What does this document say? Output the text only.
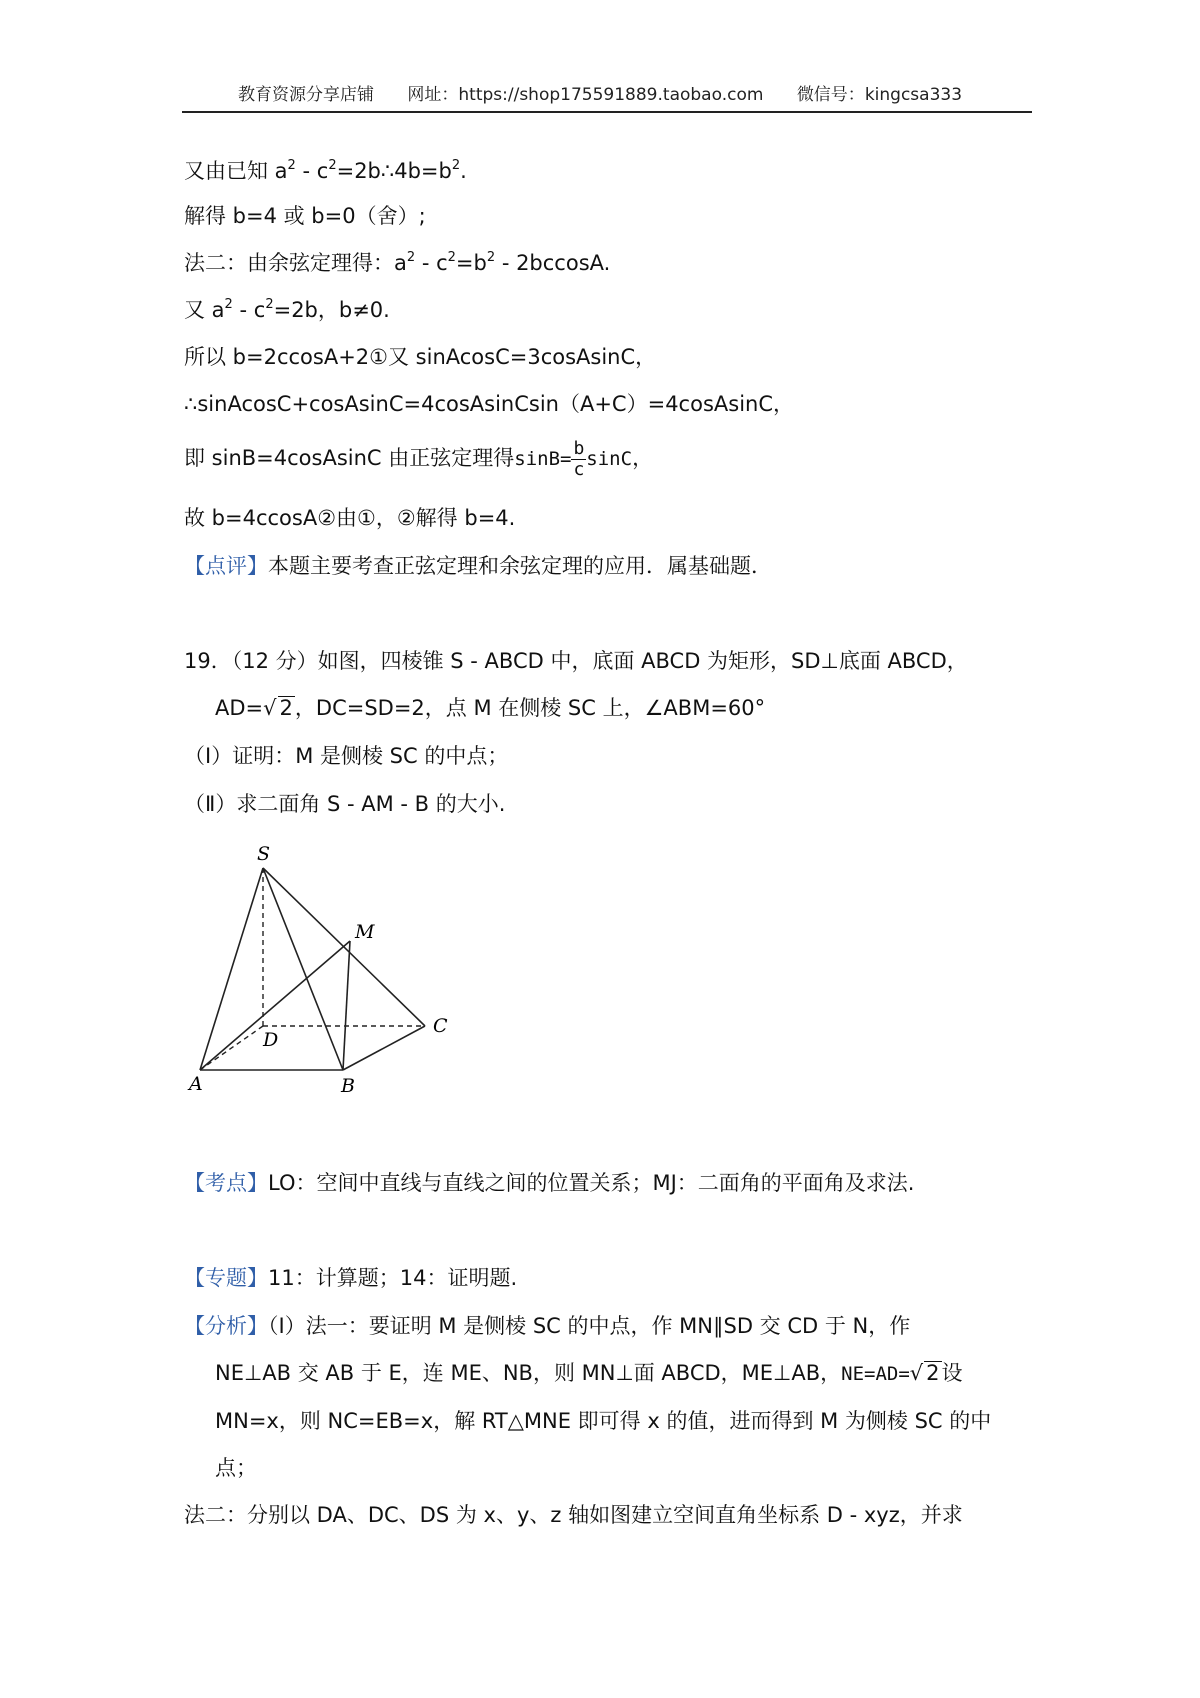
教育资源分享店铺 网址：https://shop175591889.taobao.com 微信号：kingcsa333
又由已知 $a^2$ - $c^2=2b\therefore 4b=b^2$.
解得 b=4 或 b=0（舍）;
法二：由余弦定理得：$a^2 - c^2=b^2 - 2bccosA$.
又 $a^2 - c^2=2b$，b≠0.
所以 b=2ccosA+2①又 sinAcosC=3cosAsinC，
∴sinAcosC+cosAsinC=4cosAsinCsin（A+C）=4cosAsinC，
即 sinB=4cosAsinC 由正弦定理得$\sin B= \frac{b}{c}$ sinC，
故 b=4ccosA②由①，②解得 b=4.
【点评】本题主要考查正弦定理和余弦定理的应用．属基础题．
19．（12 分）如图，四棱锥 S - ABCD 中，底面 ABCD 为矩形，SD⊥底面 ABCD，
AD=√ 2，DC=SD=2，点 M 在侧棱 SC 上，∠ABM=60°
（I）证明：M 是侧棱 SC 的中点；
（Ⅱ）求二面角 S - AM - B 的大小.
S
M
C
D
A	B
【考点】LO：空间中直线与直线之间的位置关系；MJ：二面角的平面角及求法.
【专题】11：计算题；14：证明题.
【分析】（Ⅰ）法一：要证明 M 是侧棱 SC 的中点，作 MN∥SD 交 CD 于 N，作
NE⊥AB 交 AB 于 E，连 ME、NB，则 MN⊥面 ABCD，ME⊥AB，NE=AD=√ 2设
MN=x，则 NC=EB=x，解 RT△MNE 即可得 x 的值，进而得到 M 为侧棱 SC 的中
点；
法二：分别以 DA、DC、DS 为 x、y、z 轴如图建立空间直角坐标系 D - xyz，并求
